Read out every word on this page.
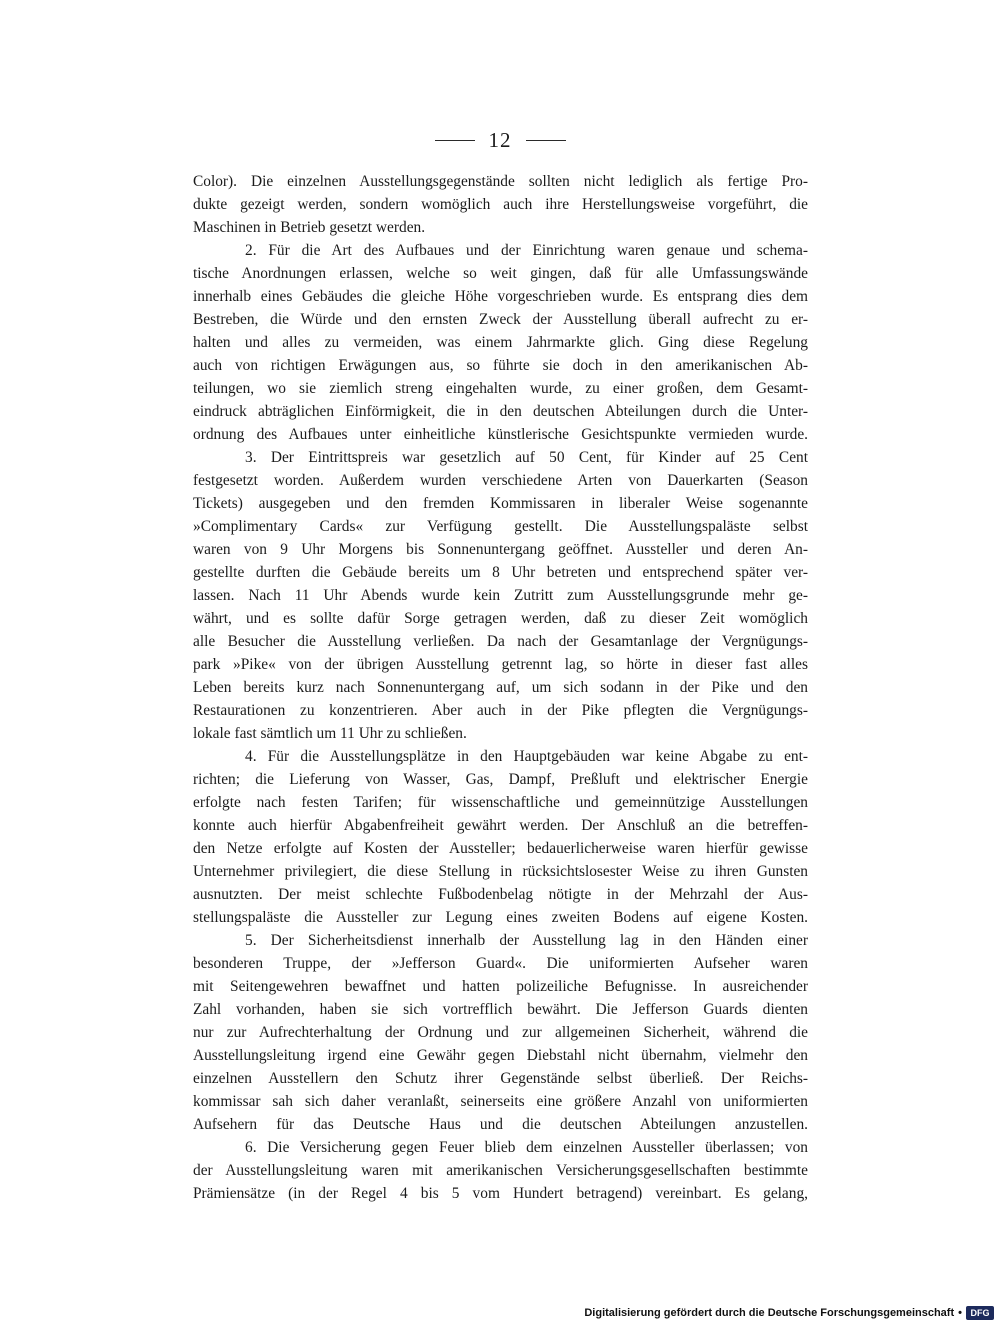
12
Color). Die einzelnen Ausstellungsgegenstände sollten nicht lediglich als fertige Pro-
dukte gezeigt werden, sondern womöglich auch ihre Herstellungsweise vorgeführt, die
Maschinen in Betrieb gesetzt werden.
2. Für die Art des Aufbaues und der Einrichtung waren genaue und schema-
tische Anordnungen erlassen, welche so weit gingen, daß für alle Umfassungswände
innerhalb eines Gebäudes die gleiche Höhe vorgeschrieben wurde. Es entsprang dies dem
Bestreben, die Würde und den ernsten Zweck der Ausstellung überall aufrecht zu er-
halten und alles zu vermeiden, was einem Jahrmarkte glich. Ging diese Regelung
auch von richtigen Erwägungen aus, so führte sie doch in den amerikanischen Ab-
teilungen, wo sie ziemlich streng eingehalten wurde, zu einer großen, dem Gesamt-
eindruck abträglichen Einförmigkeit, die in den deutschen Abteilungen durch die Unter-
ordnung des Aufbaues unter einheitliche künstlerische Gesichtspunkte vermieden wurde.
3. Der Eintrittspreis war gesetzlich auf 50 Cent, für Kinder auf 25 Cent
festgesetzt worden. Außerdem wurden verschiedene Arten von Dauerkarten (Season
Tickets) ausgegeben und den fremden Kommissaren in liberaler Weise sogenannte
»Complimentary Cards« zur Verfügung gestellt. Die Ausstellungspaläste selbst
waren von 9 Uhr Morgens bis Sonnenuntergang geöffnet. Aussteller und deren An-
gestellte durften die Gebäude bereits um 8 Uhr betreten und entsprechend später ver-
lassen. Nach 11 Uhr Abends wurde kein Zutritt zum Ausstellungsgrunde mehr ge-
währt, und es sollte dafür Sorge getragen werden, daß zu dieser Zeit womöglich
alle Besucher die Ausstellung verließen. Da nach der Gesamtanlage der Vergnügungs-
park »Pike« von der übrigen Ausstellung getrennt lag, so hörte in dieser fast alles
Leben bereits kurz nach Sonnenuntergang auf, um sich sodann in der Pike und den
Restaurationen zu konzentrieren. Aber auch in der Pike pflegten die Vergnügungs-
lokale fast sämtlich um 11 Uhr zu schließen.
4. Für die Ausstellungsplätze in den Hauptgebäuden war keine Abgabe zu ent-
richten; die Lieferung von Wasser, Gas, Dampf, Preßluft und elektrischer Energie
erfolgte nach festen Tarifen; für wissenschaftliche und gemeinnützige Ausstellungen
konnte auch hierfür Abgabenfreiheit gewährt werden. Der Anschluß an die betreffen-
den Netze erfolgte auf Kosten der Aussteller; bedauerlicherweise waren hierfür gewisse
Unternehmer privilegiert, die diese Stellung in rücksichtslosester Weise zu ihren Gunsten
ausnutzten. Der meist schlechte Fußbodenbelag nötigte in der Mehrzahl der Aus-
stellungspaläste die Aussteller zur Legung eines zweiten Bodens auf eigene Kosten.
5. Der Sicherheitsdienst innerhalb der Ausstellung lag in den Händen einer
besonderen Truppe, der »Jefferson Guard«. Die uniformierten Aufseher waren
mit Seitengewehren bewaffnet und hatten polizeiliche Befugnisse. In ausreichender
Zahl vorhanden, haben sie sich vortrefflich bewährt. Die Jefferson Guards dienten
nur zur Aufrechterhaltung der Ordnung und zur allgemeinen Sicherheit, während die
Ausstellungsleitung irgend eine Gewähr gegen Diebstahl nicht übernahm, vielmehr den
einzelnen Ausstellern den Schutz ihrer Gegenstände selbst überließ. Der Reichs-
kommissar sah sich daher veranlaßt, seinerseits eine größere Anzahl von uniformierten
Aufsehern für das Deutsche Haus und die deutschen Abteilungen anzustellen.
6. Die Versicherung gegen Feuer blieb dem einzelnen Aussteller überlassen; von
der Ausstellungsleitung waren mit amerikanischen Versicherungsgesellschaften bestimmte
Prämiensätze (in der Regel 4 bis 5 vom Hundert betragend) vereinbart. Es gelang,
Digitalisierung gefördert durch die Deutsche Forschungsgemeinschaft • DFG
